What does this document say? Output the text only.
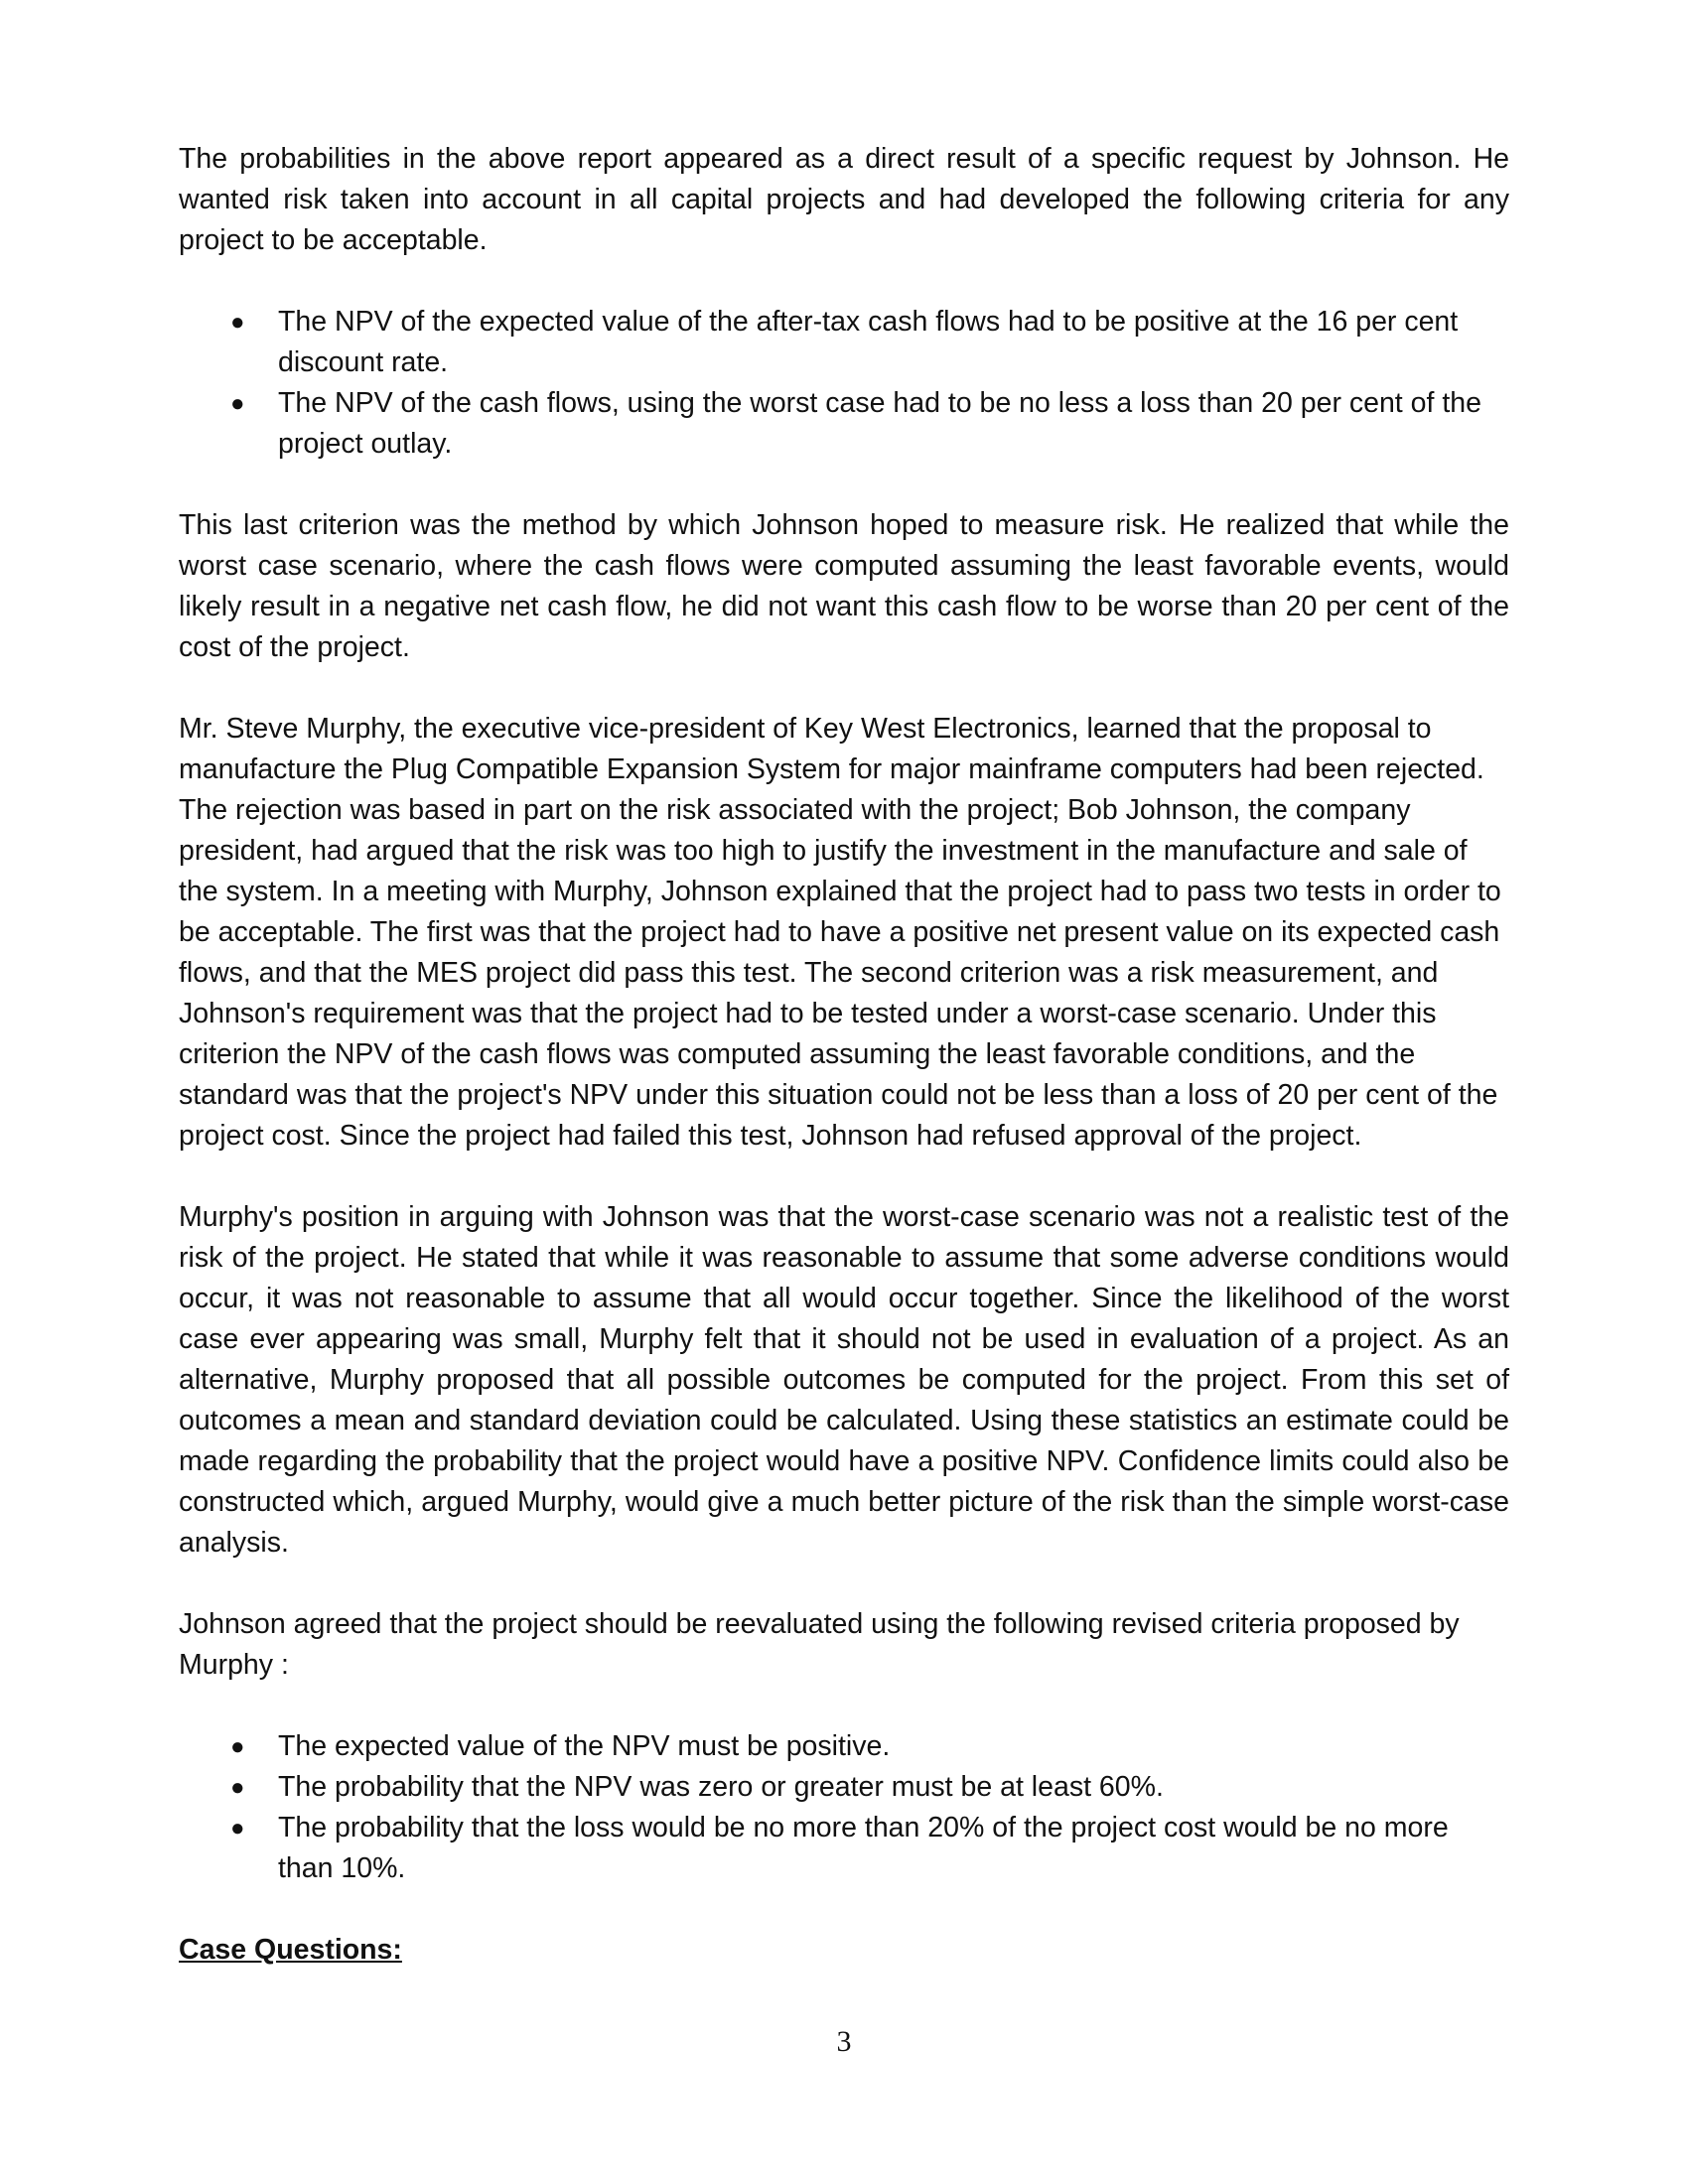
The probabilities in the above report appeared as a direct result of a specific request by Johnson. He wanted risk taken into account in all capital projects and had developed the following criteria for any project to be acceptable.

● The NPV of the expected value of the after-tax cash flows had to be positive at the 16 per cent discount rate.
● The NPV of the cash flows, using the worst case had to be no less a loss than 20 per cent of the project outlay.

This last criterion was the method by which Johnson hoped to measure risk. He realized that while the worst case scenario, where the cash flows were computed assuming the least favorable events, would likely result in a negative net cash flow, he did not want this cash flow to be worse than 20 per cent of the cost of the project.

Mr. Steve Murphy, the executive vice-president of Key West Electronics, learned that the proposal to manufacture the Plug Compatible Expansion System for major mainframe computers had been rejected. The rejection was based in part on the risk associated with the project; Bob Johnson, the company president, had argued that the risk was too high to justify the investment in the manufacture and sale of the system. In a meeting with Murphy, Johnson explained that the project had to pass two tests in order to be acceptable. The first was that the project had to have a positive net present value on its expected cash flows, and that the MES project did pass this test. The second criterion was a risk measurement, and Johnson's requirement was that the project had to be tested under a worst-case scenario. Under this criterion the NPV of the cash flows was computed assuming the least favorable conditions, and the standard was that the project's NPV under this situation could not be less than a loss of 20 per cent of the project cost. Since the project had failed this test, Johnson had refused approval of the project.

Murphy's position in arguing with Johnson was that the worst-case scenario was not a realistic test of the risk of the project. He stated that while it was reasonable to assume that some adverse conditions would occur, it was not reasonable to assume that all would occur together. Since the likelihood of the worst case ever appearing was small, Murphy felt that it should not be used in evaluation of a project. As an alternative, Murphy proposed that all possible outcomes be computed for the project. From this set of outcomes a mean and standard deviation could be calculated. Using these statistics an estimate could be made regarding the probability that the project would have a positive NPV. Confidence limits could also be constructed which, argued Murphy, would give a much better picture of the risk than the simple worst-case analysis.

Johnson agreed that the project should be reevaluated using the following revised criteria proposed by Murphy :

● The expected value of the NPV must be positive.
● The probability that the NPV was zero or greater must be at least 60%.
● The probability that the loss would be no more than 20% of the project cost would be no more than 10%.
Case Questions:
3
